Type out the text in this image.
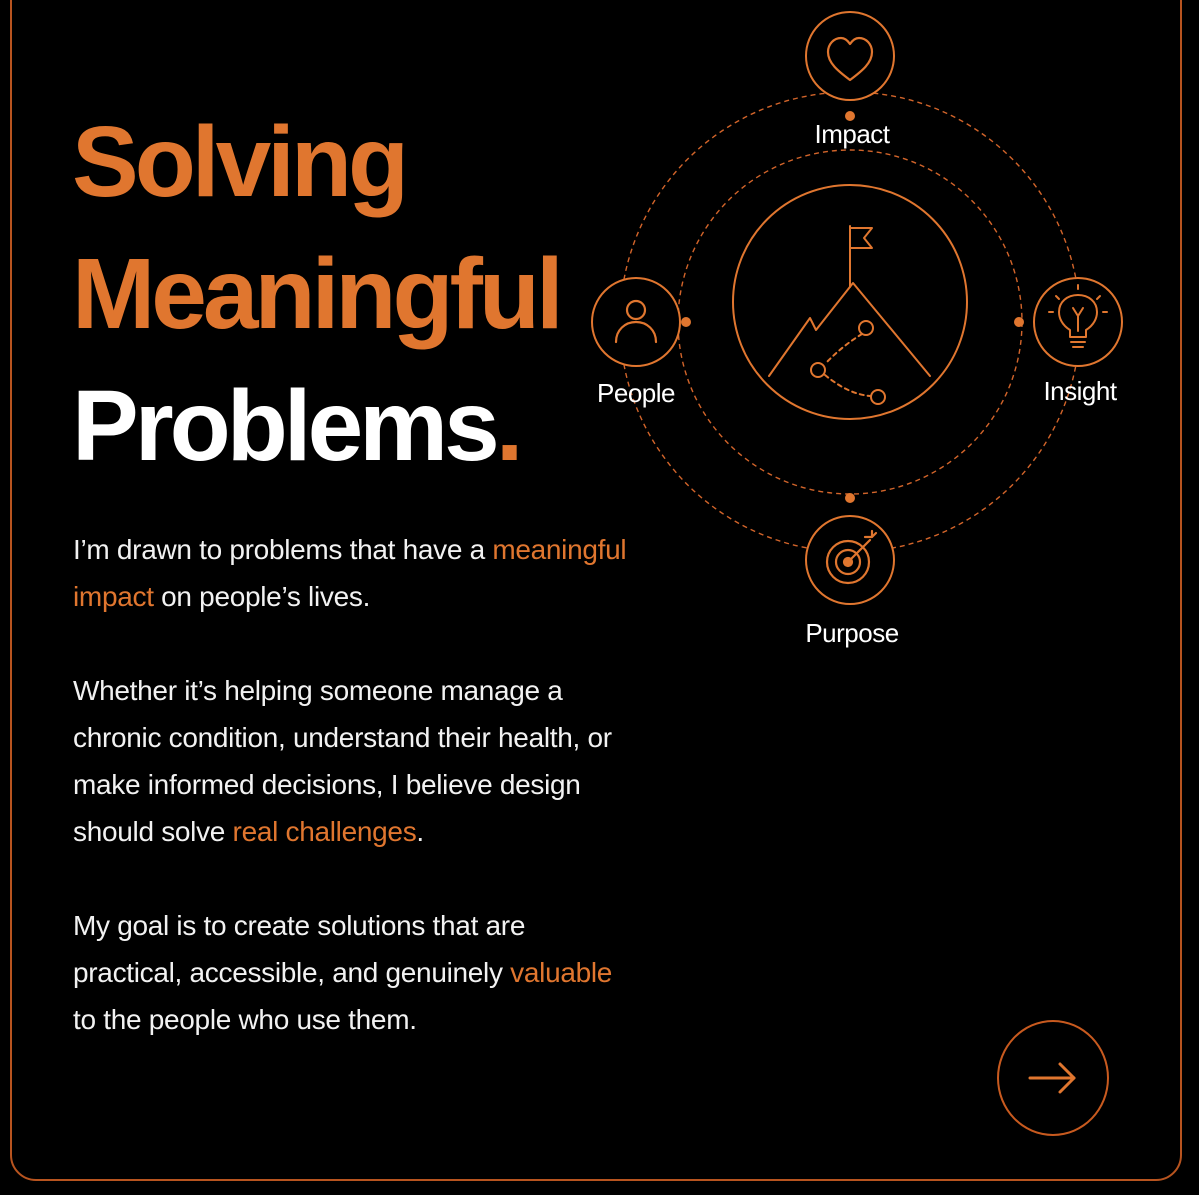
Solving
Meaningful
Problems.

I’m drawn to problems that have a meaningful impact on people’s lives.

Whether it’s helping someone manage a chronic condition, understand their health, or make informed decisions, I believe design should solve real challenges.

My goal is to create solutions that are practical, accessible, and genuinely valuable to the people who use them.

Impact
People	Insight
Purpose
